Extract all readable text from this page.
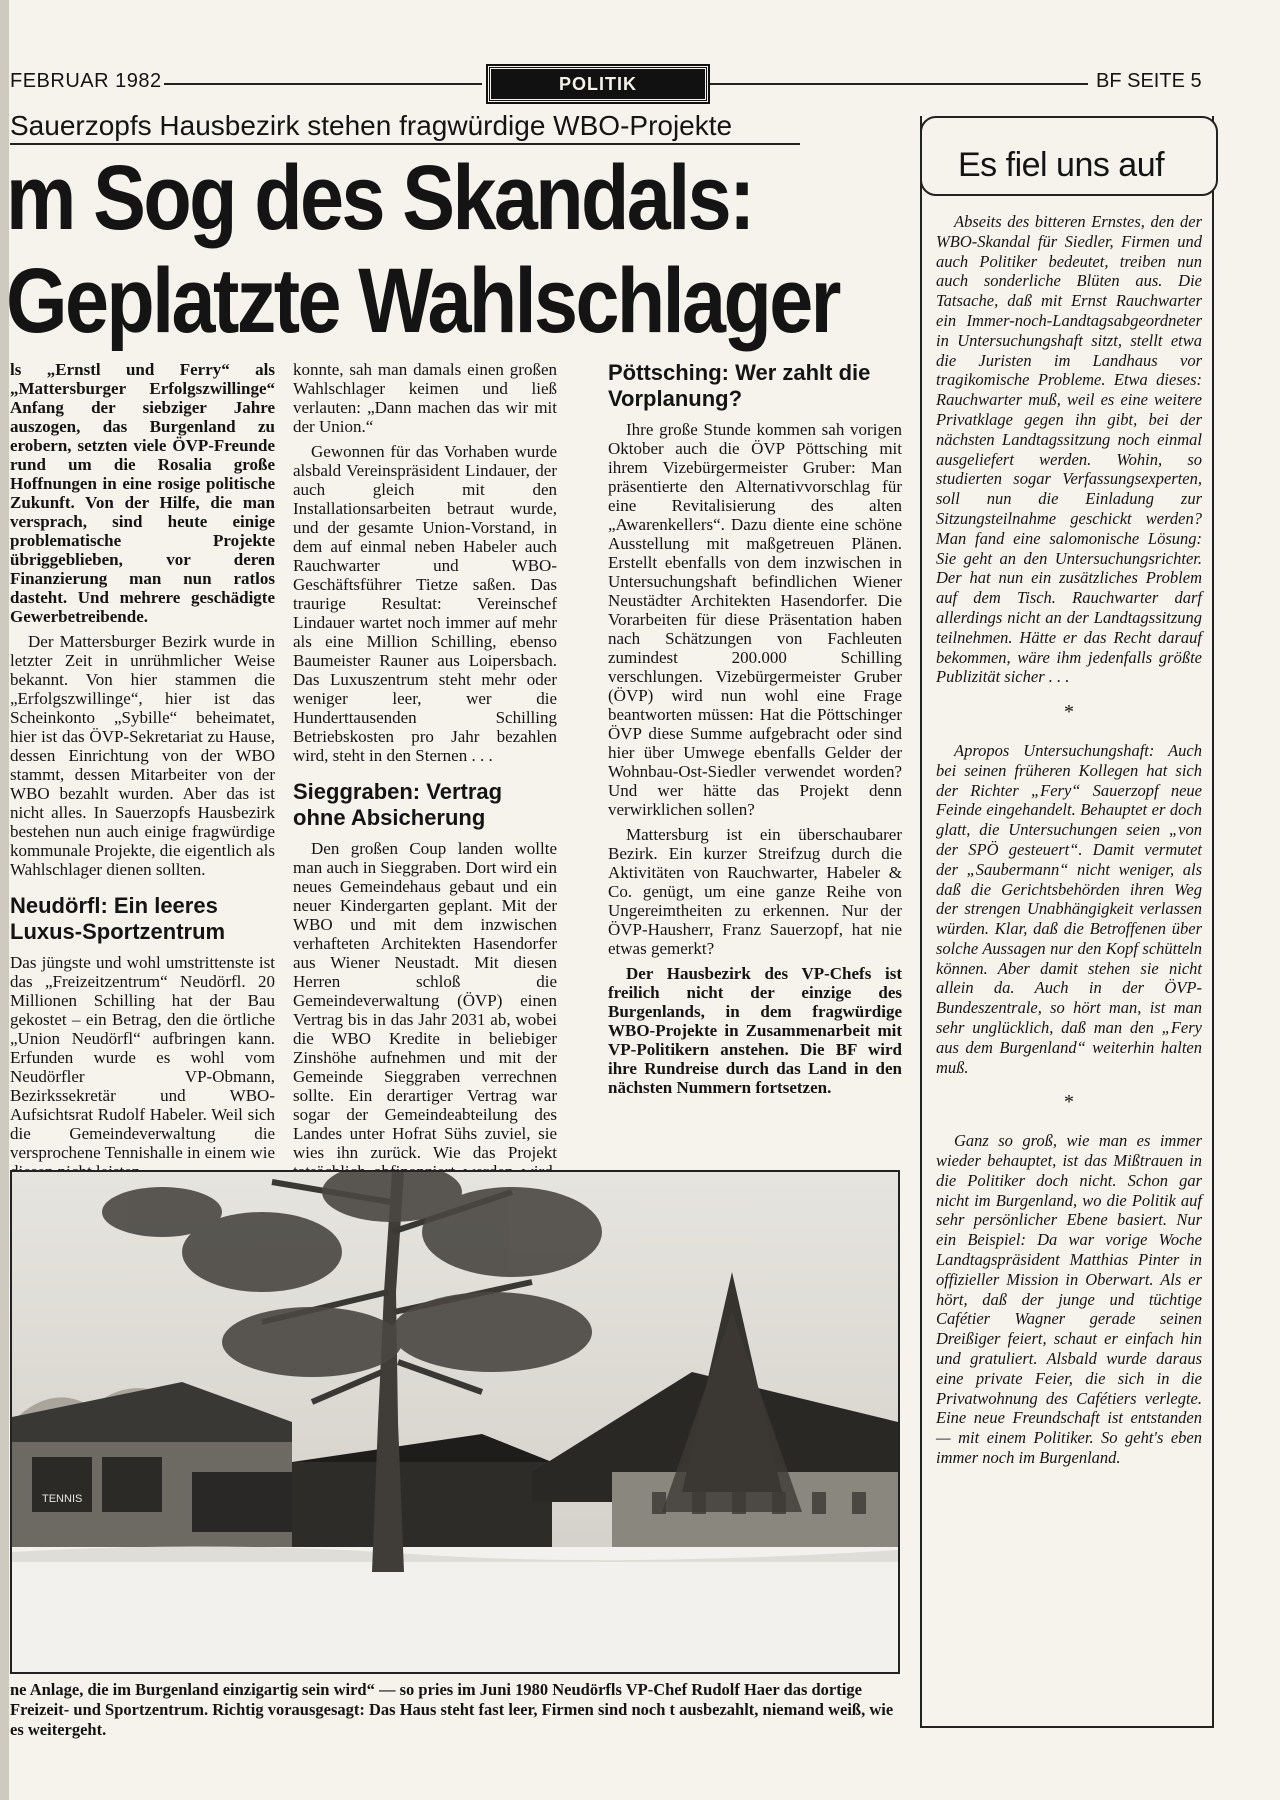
FEBRUAR 1982	POLITIK	BF SEITE 5
Sauerzopfs Hausbezirk stehen fragwürdige WBO-Projekte
m Sog des Skandals:
Geplatzte Wahlschlager

ls „Ernstl und Ferry“ als „Mattersburger Erfolgszwillinge“ Anfang der siebziger Jahre auszogen, das Burgenland zu erobern, setzten viele ÖVP-Freunde rund um die Rosalia große Hoffnungen in eine rosige politische Zukunft. Von der Hilfe, die man versprach, sind heute einige problematische Projekte übriggeblieben, vor deren Finanzierung man nun ratlos dasteht. Und mehrere geschädigte Gewerbetreibende.

Der Mattersburger Bezirk wurde in letzter Zeit in unrühmlicher Weise bekannt. Von hier stammen die „Erfolgszwillinge“, hier ist das Scheinkonto „Sybille“ beheimatet, hier ist das ÖVP-Sekretariat zu Hause, dessen Einrichtung von der WBO stammt, dessen Mitarbeiter von der WBO bezahlt wurden. Aber das ist nicht alles. In Sauerzopfs Hausbezirk bestehen nun auch einige fragwürdige kommunale Projekte, die eigentlich als Wahlschlager dienen sollten.

Neudörfl: Ein leeres Luxus-Sportzentrum

Das jüngste und wohl umstrittenste ist das „Freizeitzentrum“ Neudörfl. 20 Millionen Schilling hat der Bau gekostet – ein Betrag, den die örtliche „Union Neudörfl“ aufbringen kann. Erfunden wurde es wohl vom Neudörfler VP-Obmann, Bezirkssekretär und WBO-Aufsichtsrat Rudolf Habeler. Weil sich die Gemeindeverwaltung die versprochene Tennishalle in einem wie

konnte, sah man damals einen großen Wahlschlager keimen und ließ verlauten: „Dann machen das wir mit der Union.“

Gewonnen für das Vorhaben wurde alsbald Vereinspräsident Lindauer, der auch gleich mit den Installationsarbeiten betraut wurde, und der gesamte Union-Vorstand, in dem auf einmal neben Habeler auch Rauchwarter und WBO-Geschäftsführer Tietze saßen. Das traurige Resultat: Vereinschef Lindauer wartet noch immer auf mehr als eine Million Schilling, ebenso Baumeister Rauner aus Loipersbach. Das Luxuszentrum steht mehr oder weniger leer, wer die Hunderttausenden Schilling Betriebskosten pro Jahr bezahlen wird, steht in den Sternen . . .

Sieggraben: Vertrag ohne Absicherung

Den großen Coup landen wollte man auch in Sieggraben. Dort wird ein neues Gemeindehaus gebaut und ein neuer Kindergarten geplant. Mit der WBO und mit dem inzwischen verhafteten Architekten Hasendorfer aus Wiener Neustadt. Mit diesen Herren schloß die Gemeindeverwaltung (ÖVP) einen Vertrag bis in das Jahr 2031 ab, wobei die WBO Kredite in beliebiger Zinshöhe aufnehmen und mit der Gemeinde Sieggraben verrechnen sollte. Ein derartiger Vertrag war sogar der Gemeindeabteilung des Landes unter Hofrat Sühs zuviel, sie wies ihn zurück. Wie das Projekt

Pöttsching: Wer zahlt die Vorplanung?

Ihre große Stunde kommen sah vorigen Oktober auch die ÖVP Pöttsching mit ihrem Vizebürgermeister Gruber: Man präsentierte den Alternativvorschlag für eine Revitalisierung des alten „Awarenkellers“. Dazu diente eine schöne Ausstellung mit maßgetreuen Plänen. Erstellt ebenfalls von dem inzwischen in Untersuchungshaft befindlichen Wiener Neustädter Architekten Hasendorfer. Die Vorarbeiten für diese Präsentation haben nach Schätzungen von Fachleuten zumindest 200.000 Schilling verschlungen. Vizebürgermeister Gruber (ÖVP) wird nun wohl eine Frage beantworten müssen: Hat die Pöttschinger ÖVP diese Summe aufgebracht oder sind hier über Umwege ebenfalls Gelder der Wohnbau-Ost-Siedler verwendet worden? Und wer hätte das Projekt denn verwirklichen sollen?

Mattersburg ist ein überschaubarer Bezirk. Ein kurzer Streifzug durch die Aktivitäten von Rauchwarter, Habeler & Co. genügt, um eine ganze Reihe von Ungereimtheiten zu erkennen. Nur der ÖVP-Hausherr, Franz Sauerzopf, hat nie etwas gemerkt?

Der Hausbezirk des VP-Chefs ist freilich nicht der einzige des Burgenlands, in dem fragwürdige WBO-Projekte in Zusammenarbeit mit VP-Politikern anstehen. Die BF wird ihre Rundreise durch das Land in den nächsten Nummern fortsetzen.

TENNIS
ne Anlage, die im Burgenland einzigartig sein wird“ — so pries im Juni 1980 Neudörfls VP-Chef Rudolf Haer das dortige Freizeit- und Sportzentrum. Richtig vorausgesagt: Das Haus steht fast leer, Firmen sind noch t ausbezahlt, niemand weiß, wie es weitergeht.
Es fiel uns auf

Abseits des bitteren Ernstes, den der WBO-Skandal für Siedler, Firmen und auch Politiker bedeutet, treiben nun auch sonderliche Blüten aus. Die Tatsache, daß mit Ernst Rauchwarter ein Immer-noch-Landtagsabgeordneter in Untersuchungshaft sitzt, stellt etwa die Juristen im Landhaus vor tragikomische Probleme. Etwa dieses: Rauchwarter muß, weil es eine weitere Privatklage gegen ihn gibt, bei der nächsten Landtagssitzung noch einmal ausgeliefert werden. Wohin, so studierten sogar Verfassungsexperten, soll nun die Einladung zur Sitzungsteilnahme geschickt werden? Man fand eine salomonische Lösung: Sie geht an den Untersuchungsrichter. Der hat nun ein zusätzliches Problem auf dem Tisch. Rauchwarter darf allerdings nicht an der Landtagssitzung teilnehmen. Hätte er das Recht darauf bekommen, wäre ihm jedenfalls größte Publizität sicher . . .

*

Apropos Untersuchungshaft: Auch bei seinen früheren Kollegen hat sich der Richter „Fery“ Sauerzopf neue Feinde eingehandelt. Behauptet er doch glatt, die Untersuchungen seien „von der SPÖ gesteuert“. Damit vermutet der „Saubermann“ nicht weniger, als daß die Gerichtsbehörden ihren Weg der strengen Unabhängigkeit verlassen würden. Klar, daß die Betroffenen über solche Aussagen nur den Kopf schütteln können. Aber damit stehen sie nicht allein da. Auch in der ÖVP-Bundeszentrale, so hört man, ist man sehr unglücklich, daß man den „Fery aus dem Burgenland“ weiterhin halten muß.

*

Ganz so groß, wie man es immer wieder behauptet, ist das Mißtrauen in die Politiker doch nicht. Schon gar nicht im Burgenland, wo die Politik auf sehr persönlicher Ebene basiert. Nur ein Beispiel: Da war vorige Woche Landtagspräsident Matthias Pinter in offizieller Mission in Oberwart. Als er hört, daß der junge und tüchtige Cafétier Wagner gerade seinen Dreißiger feiert, schaut er einfach hin und gratuliert. Alsbald wurde daraus eine private Feier, die sich in die Privatwohnung des Cafétiers verlegte. Eine neue Freundschaft ist entstanden — mit einem Politiker. So geht's eben immer noch im Burgenland.
